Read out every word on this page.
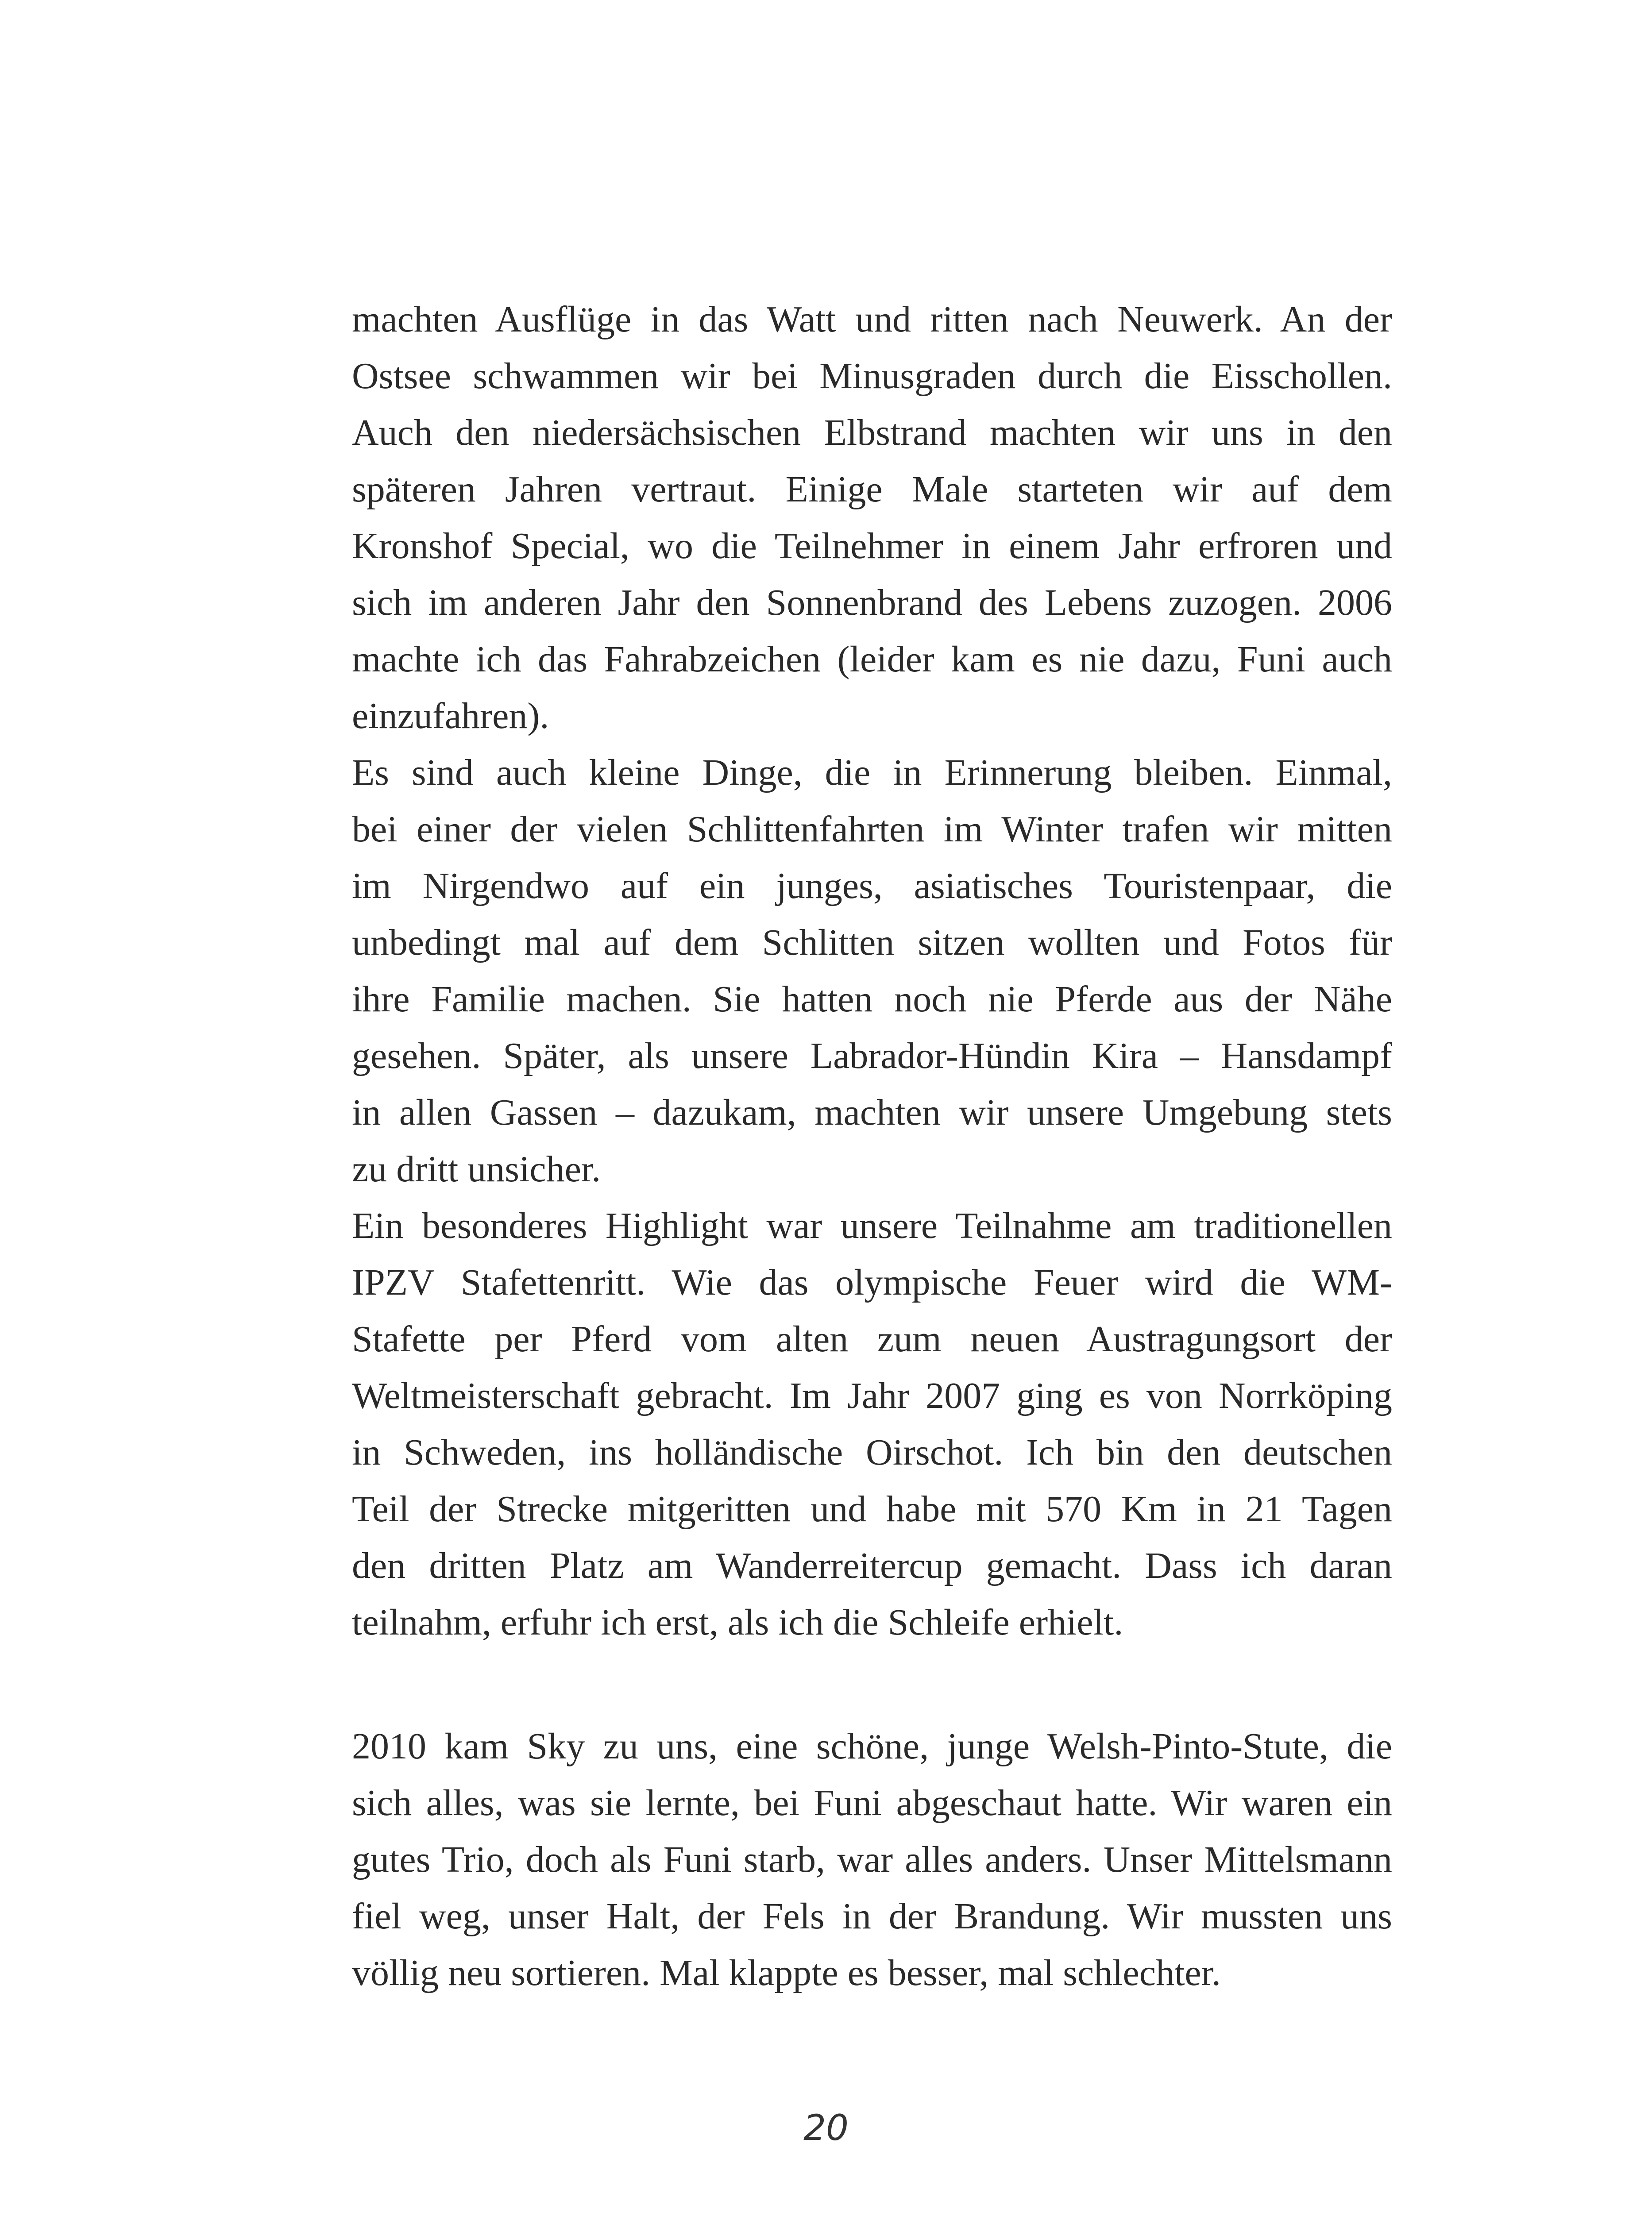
machten Ausflüge in das Watt und ritten nach Neuwerk. An der
Ostsee schwammen wir bei Minusgraden durch die Eisschollen.
Auch den niedersächsischen Elbstrand machten wir uns in den
späteren Jahren vertraut. Einige Male starteten wir auf dem
Kronshof Special, wo die Teilnehmer in einem Jahr erfroren und
sich im anderen Jahr den Sonnenbrand des Lebens zuzogen. 2006
machte ich das Fahrabzeichen (leider kam es nie dazu, Funi auch
einzufahren).

Es sind auch kleine Dinge, die in Erinnerung bleiben. Einmal,
bei einer der vielen Schlittenfahrten im Winter trafen wir mitten
im Nirgendwo auf ein junges, asiatisches Touristenpaar, die
unbedingt mal auf dem Schlitten sitzen wollten und Fotos für
ihre Familie machen. Sie hatten noch nie Pferde aus der Nähe
gesehen. Später, als unsere Labrador-Hündin Kira – Hansdampf
in allen Gassen – dazukam, machten wir unsere Umgebung stets
zu dritt unsicher.

Ein besonderes Highlight war unsere Teilnahme am traditionellen
IPZV Stafettenritt. Wie das olympische Feuer wird die WM-
Stafette per Pferd vom alten zum neuen Austragungsort der
Weltmeisterschaft gebracht. Im Jahr 2007 ging es von Norrköping
in Schweden, ins holländische Oirschot. Ich bin den deutschen
Teil der Strecke mitgeritten und habe mit 570 Km in 21 Tagen
den dritten Platz am Wanderreitercup gemacht. Dass ich daran
teilnahm, erfuhr ich erst, als ich die Schleife erhielt.

2010 kam Sky zu uns, eine schöne, junge Welsh-Pinto-Stute, die
sich alles, was sie lernte, bei Funi abgeschaut hatte. Wir waren ein
gutes Trio, doch als Funi starb, war alles anders. Unser Mittelsmann
fiel weg, unser Halt, der Fels in der Brandung. Wir mussten uns
völlig neu sortieren. Mal klappte es besser, mal schlechter.

20
